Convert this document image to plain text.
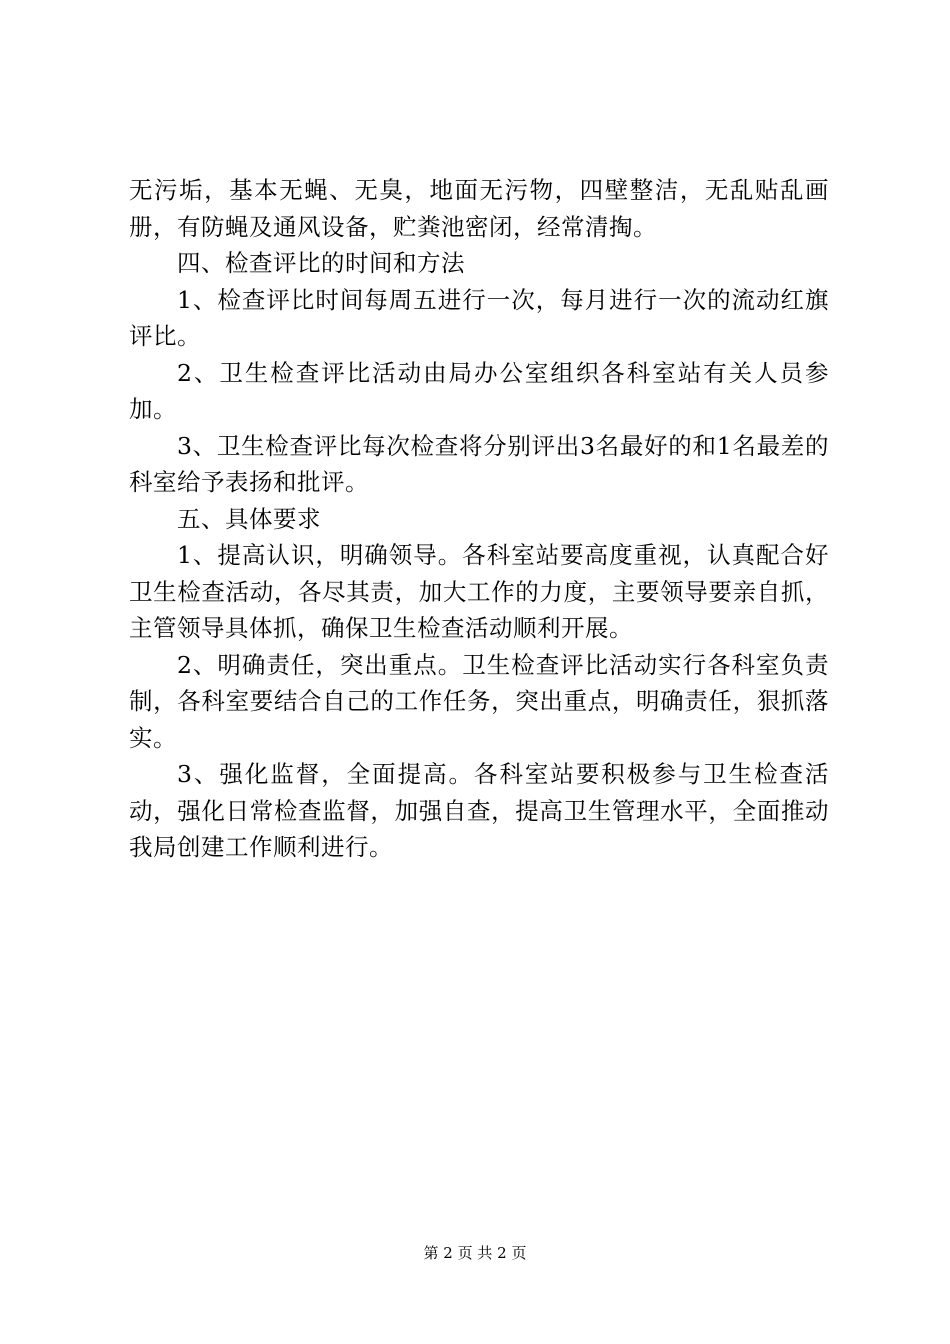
无污垢，基本无蝇、无臭，地面无污物，四壁整洁，无乱贴乱画册，有防蝇及通风设备，贮粪池密闭，经常清掏。

四、检查评比的时间和方法

1、检查评比时间每周五进行一次，每月进行一次的流动红旗评比。

2、卫生检查评比活动由局办公室组织各科室站有关人员参加。

3、卫生检查评比每次检查将分别评出3名最好的和1名最差的科室给予表扬和批评。

五、具体要求

1、提高认识，明确领导。各科室站要高度重视，认真配合好卫生检查活动，各尽其责，加大工作的力度，主要领导要亲自抓，主管领导具体抓，确保卫生检查活动顺利开展。

2、明确责任，突出重点。卫生检查评比活动实行各科室负责制，各科室要结合自己的工作任务，突出重点，明确责任，狠抓落实。

3、强化监督，全面提高。各科室站要积极参与卫生检查活动，强化日常检查监督，加强自查，提高卫生管理水平，全面推动我局创建工作顺利进行。

第 2 页 共 2 页
